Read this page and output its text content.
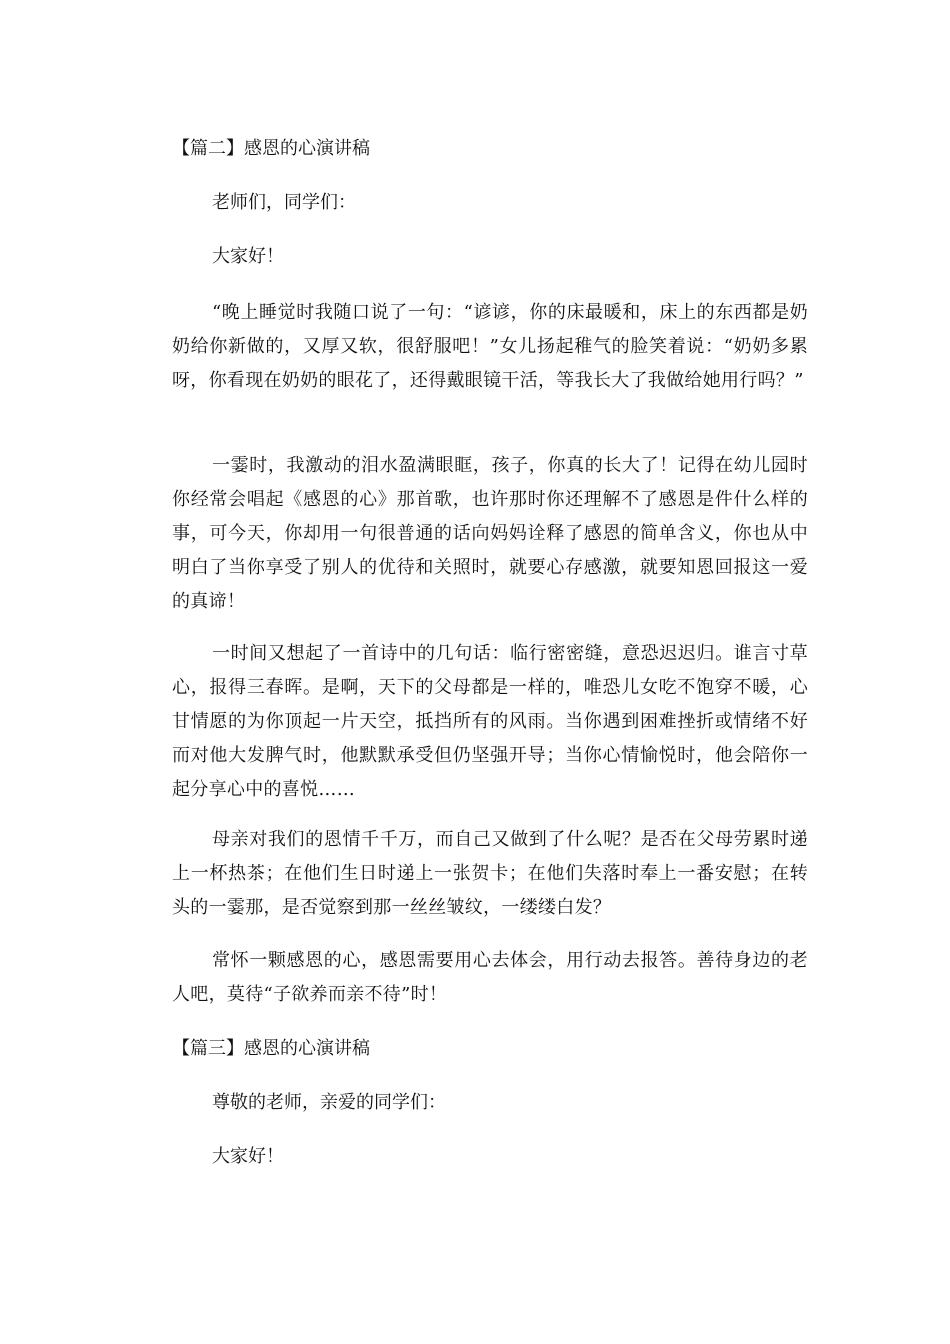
【篇二】感恩的心演讲稿

老师们，同学们：

大家好！

“晚上睡觉时我随口说了一句：“谚谚，你的床最暖和，床上的东西都是奶奶给你新做的，又厚又软，很舒服吧！”女儿扬起稚气的脸笑着说：“奶奶多累呀，你看现在奶奶的眼花了，还得戴眼镜干活，等我长大了我做给她用行吗？”

一霎时，我激动的泪水盈满眼眶，孩子，你真的长大了！记得在幼儿园时你经常会唱起《感恩的心》那首歌，也许那时你还理解不了感恩是件什么样的事，可今天，你却用一句很普通的话向妈妈诠释了感恩的简单含义，你也从中明白了当你享受了别人的优待和关照时，就要心存感激，就要知恩回报这一爱的真谛！

一时间又想起了一首诗中的几句话：临行密密缝，意恐迟迟归。谁言寸草心，报得三春晖。是啊，天下的父母都是一样的，唯恐儿女吃不饱穿不暖，心甘情愿的为你顶起一片天空，抵挡所有的风雨。当你遇到困难挫折或情绪不好而对他大发脾气时，他默默承受但仍坚强开导；当你心情愉悦时，他会陪你一起分享心中的喜悦……

母亲对我们的恩情千千万，而自己又做到了什么呢？是否在父母劳累时递上一杯热茶；在他们生日时递上一张贺卡；在他们失落时奉上一番安慰；在转头的一霎那，是否觉察到那一丝丝皱纹，一缕缕白发？

常怀一颗感恩的心，感恩需要用心去体会，用行动去报答。善待身边的老人吧，莫待“子欲养而亲不待”时！

【篇三】感恩的心演讲稿

尊敬的老师，亲爱的同学们：

大家好！
